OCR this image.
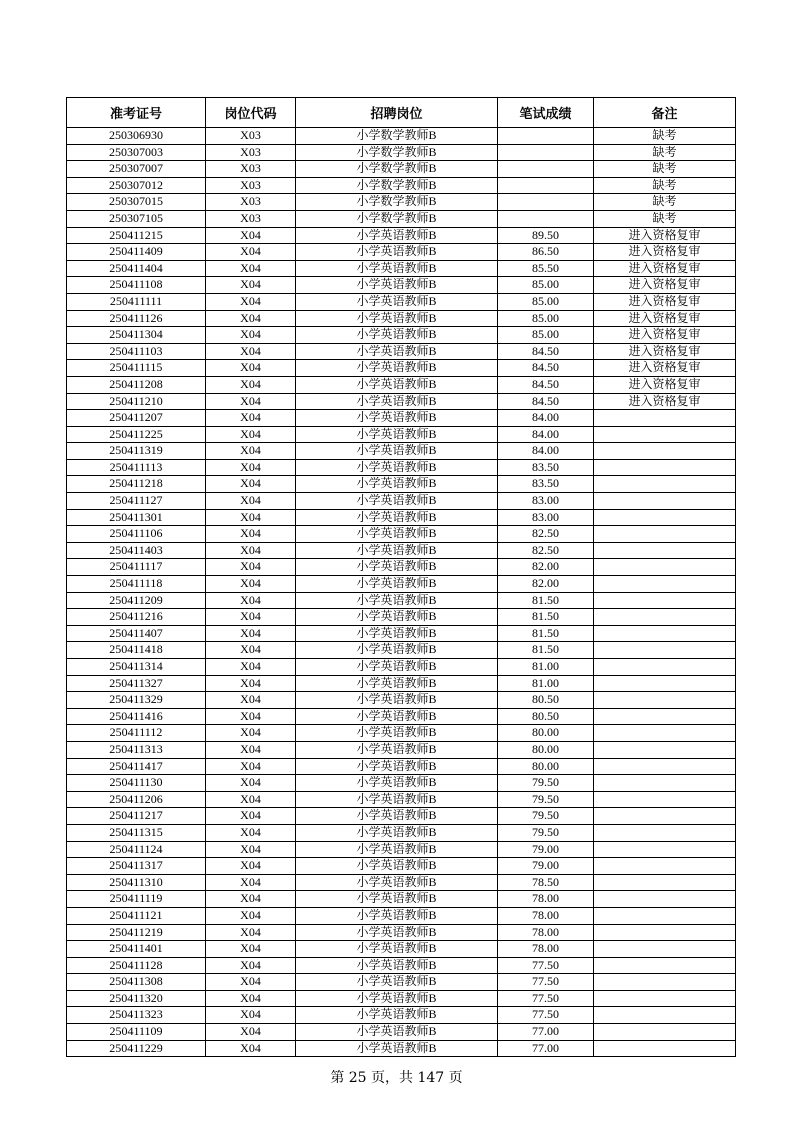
准考证号	岗位代码	招聘岗位	笔试成绩	备注
250306930	X03	小学数学教师B		缺考
250307003	X03	小学数学教师B		缺考
250307007	X03	小学数学教师B		缺考
250307012	X03	小学数学教师B		缺考
250307015	X03	小学数学教师B		缺考
250307105	X03	小学数学教师B		缺考
250411215	X04	小学英语教师B	89.50	进入资格复审
250411409	X04	小学英语教师B	86.50	进入资格复审
250411404	X04	小学英语教师B	85.50	进入资格复审
250411108	X04	小学英语教师B	85.00	进入资格复审
250411111	X04	小学英语教师B	85.00	进入资格复审
250411126	X04	小学英语教师B	85.00	进入资格复审
250411304	X04	小学英语教师B	85.00	进入资格复审
250411103	X04	小学英语教师B	84.50	进入资格复审
250411115	X04	小学英语教师B	84.50	进入资格复审
250411208	X04	小学英语教师B	84.50	进入资格复审
250411210	X04	小学英语教师B	84.50	进入资格复审
250411207	X04	小学英语教师B	84.00	
250411225	X04	小学英语教师B	84.00	
250411319	X04	小学英语教师B	84.00	
250411113	X04	小学英语教师B	83.50	
250411218	X04	小学英语教师B	83.50	
250411127	X04	小学英语教师B	83.00	
250411301	X04	小学英语教师B	83.00	
250411106	X04	小学英语教师B	82.50	
250411403	X04	小学英语教师B	82.50	
250411117	X04	小学英语教师B	82.00	
250411118	X04	小学英语教师B	82.00	
250411209	X04	小学英语教师B	81.50	
250411216	X04	小学英语教师B	81.50	
250411407	X04	小学英语教师B	81.50	
250411418	X04	小学英语教师B	81.50	
250411314	X04	小学英语教师B	81.00	
250411327	X04	小学英语教师B	81.00	
250411329	X04	小学英语教师B	80.50	
250411416	X04	小学英语教师B	80.50	
250411112	X04	小学英语教师B	80.00	
250411313	X04	小学英语教师B	80.00	
250411417	X04	小学英语教师B	80.00	
250411130	X04	小学英语教师B	79.50	
250411206	X04	小学英语教师B	79.50	
250411217	X04	小学英语教师B	79.50	
250411315	X04	小学英语教师B	79.50	
250411124	X04	小学英语教师B	79.00	
250411317	X04	小学英语教师B	79.00	
250411310	X04	小学英语教师B	78.50	
250411119	X04	小学英语教师B	78.00	
250411121	X04	小学英语教师B	78.00	
250411219	X04	小学英语教师B	78.00	
250411401	X04	小学英语教师B	78.00	
250411128	X04	小学英语教师B	77.50	
250411308	X04	小学英语教师B	77.50	
250411320	X04	小学英语教师B	77.50	
250411323	X04	小学英语教师B	77.50	
250411109	X04	小学英语教师B	77.00	
250411229	X04	小学英语教师B	77.00	
第 25 页，共 147 页
